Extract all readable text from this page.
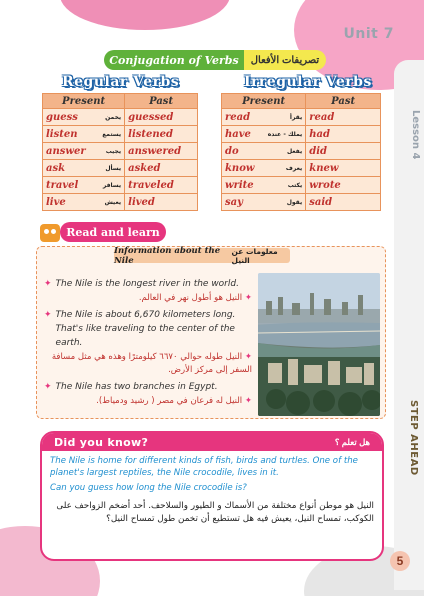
Unit 7
Lesson 4
STEP AHEAD
5
Conjugation of Verbs	تصريفات الأفعال
Regular Verbs	Irregular Verbs
Present	Past

guess يخمن	guessed

listen يستمع	listened

answer يجيب	answered

ask يسأل	asked

travel يسافر	traveled

live يعيش	lived
Present	Past

read يقرأ	read

have يملك - عنده	had

do يفعل	did

know يعرف	knew

write يكتب	wrote

say يقول	said
Read and learn
Information about the Nile
معلومات عن النيل
✦ The Nile is the longest river in the world.
✦ النيل هو أطول نهر في العالم.
✦ The Nile is about 6,670 kilometers long. That's like traveling to the center of the earth.
✦ النيل طوله حوالي ٦٦٧٠ كيلومترًا وهذه هي مثل مسافة السفر إلى مركز الأرض.
✦ The Nile has two branches in Egypt.
✦ النيل له فرعان في مصر ( رشيد ودمياط).
Did you know?	هل تعلم ؟
The Nile is home for different kinds of fish, birds and turtles. One of the planet's largest reptiles, the Nile crocodile, lives in it.
Can you guess how long the Nile crocodile is?
النيل هو موطن أنواع مختلفة من الأسماك و الطيور والسلاحف. أحد أضخم الزواحف على الكوكب، تمساح النيل، يعيش فيه هل تستطيع أن تخمن طول تمساح النيل؟
